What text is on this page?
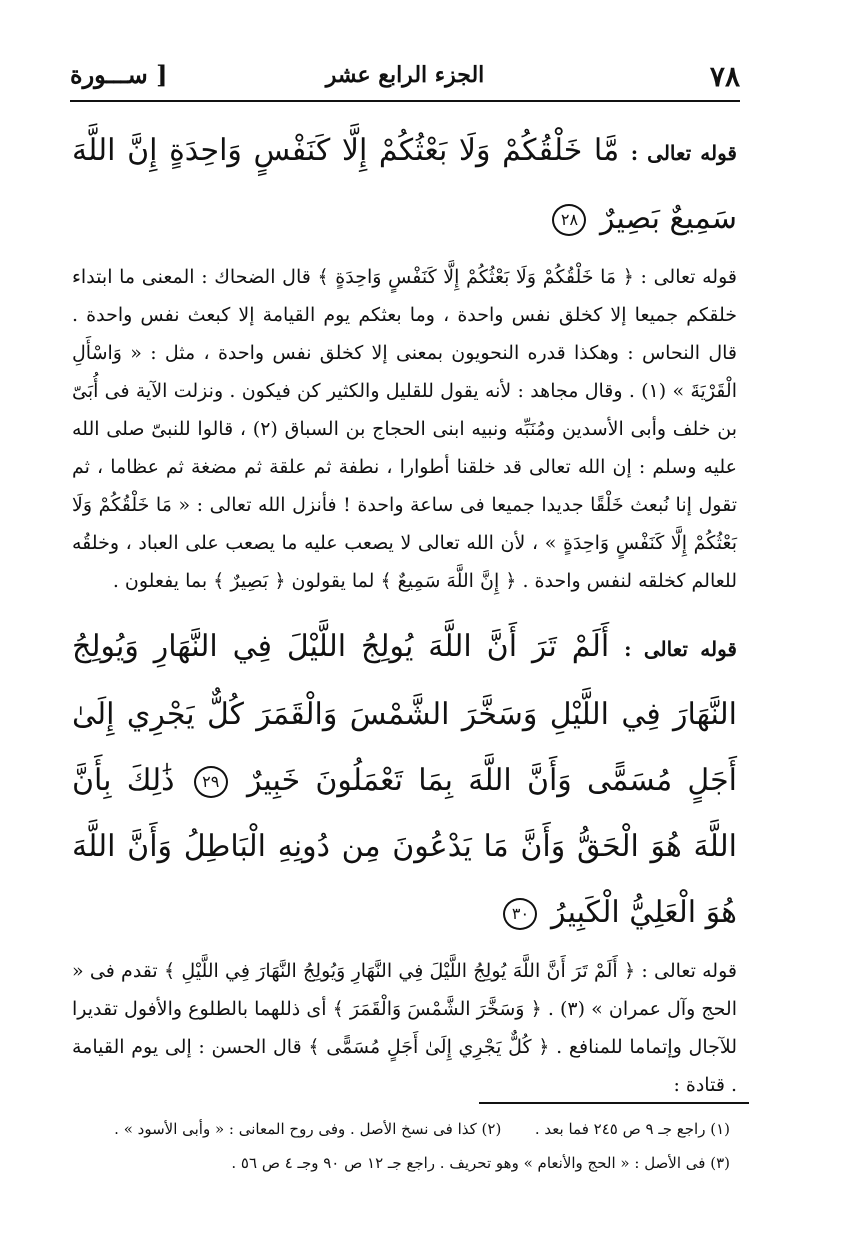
٧٨
الجزء الرابع عشر
[ ســـورة

قوله تعالى : مَّا خَلْقُكُمْ وَلَا بَعْثُكُمْ إِلَّا كَنَفْسٍ وَاحِدَةٍ إِنَّ اللَّهَ سَمِيعٌ بَصِيرٌ ٢٨

قوله تعالى : ﴿ مَا خَلْقُكُمْ وَلَا بَعْثُكُمْ إِلَّا كَنَفْسٍ وَاحِدَةٍ ﴾ قال الضحاك : المعنى ما ابتداء خلقكم جميعا إلا كخلق نفس واحدة ، وما بعثكم يوم القيامة إلا كبعث نفس واحدة . قال النحاس : وهكذا قدره النحويون بمعنى إلا كخلق نفس واحدة ، مثل : « وَاسْأَلِ الْقَرْيَةَ » (١) . وقال مجاهد : لأنه يقول للقليل والكثير كن فيكون . ونزلت الآية فى أُبَىّ بن خلف وأبى الأسدين ومُنَبِّه ونبيه ابنى الحجاج بن السباق (٢) ، قالوا للنبىّ صلى الله عليه وسلم : إن الله تعالى قد خلقنا أطوارا ، نطفة ثم علقة ثم مضغة ثم عظاما ، ثم تقول إنا نُبعث خَلْقًا جديدا جميعا فى ساعة واحدة ! فأنزل الله تعالى : « مَا خَلْقُكُمْ وَلَا بَعْثُكُمْ إِلَّا كَنَفْسٍ وَاحِدَةٍ » ، لأن الله تعالى لا يصعب عليه ما يصعب على العباد ، وخلقُه للعالم كخلقه لنفس واحدة . ﴿ إِنَّ اللَّهَ سَمِيعٌ ﴾ لما يقولون ﴿ بَصِيرٌ ﴾ بما يفعلون .

قوله تعالى : أَلَمْ تَرَ أَنَّ اللَّهَ يُولِجُ اللَّيْلَ فِي النَّهَارِ وَيُولِجُ النَّهَارَ فِي اللَّيْلِ وَسَخَّرَ الشَّمْسَ وَالْقَمَرَ كُلٌّ يَجْرِي إِلَىٰ أَجَلٍ مُسَمًّى وَأَنَّ اللَّهَ بِمَا تَعْمَلُونَ خَبِيرٌ ٢٩ ذَٰلِكَ بِأَنَّ اللَّهَ هُوَ الْحَقُّ وَأَنَّ مَا يَدْعُونَ مِن دُونِهِ الْبَاطِلُ وَأَنَّ اللَّهَ هُوَ الْعَلِيُّ الْكَبِيرُ ٣٠

قوله تعالى : ﴿ أَلَمْ تَرَ أَنَّ اللَّهَ يُولِجُ اللَّيْلَ فِي النَّهَارِ وَيُولِجُ النَّهَارَ فِي اللَّيْلِ ﴾ تقدم فى « الحج وآل عمران » (٣) . ﴿ وَسَخَّرَ الشَّمْسَ وَالْقَمَرَ ﴾ أى ذللهما بالطلوع والأفول تقديرا للآجال وإتماما للمنافع . ﴿ كُلٌّ يَجْرِي إِلَىٰ أَجَلٍ مُسَمًّى ﴾ قال الحسن : إلى يوم القيامة . قتادة :

(١) راجع جـ ٩ ص ٢٤٥ فما بعد .  (٢) كذا فى نسخ الأصل . وفى روح المعانى : « وأبى الأسود » .
(٣) فى الأصل : « الحج والأنعام » وهو تحريف . راجع جـ ١٢ ص ٩٠ وجـ ٤ ص ٥٦ .
